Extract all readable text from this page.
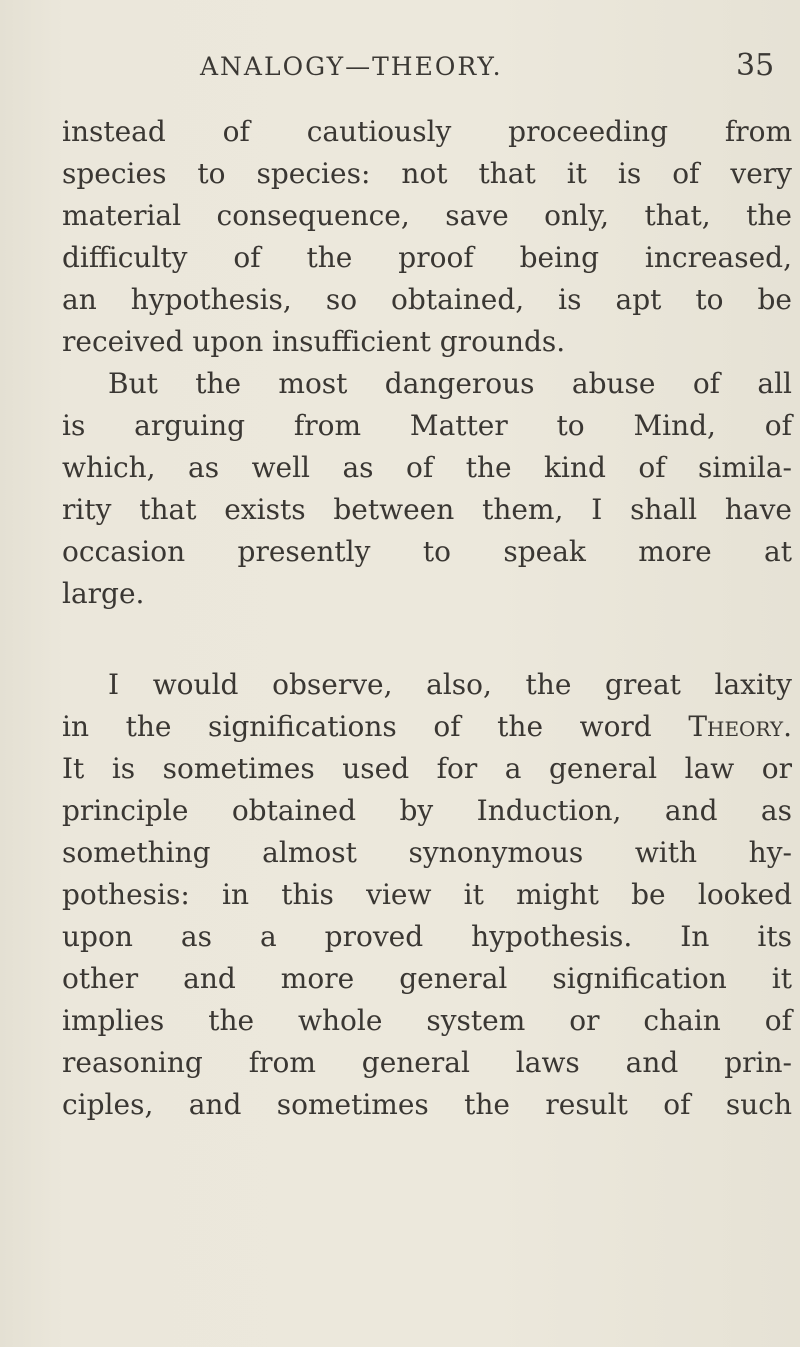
ANALOGY—THEORY.	35
instead of cautiously proceeding from
species to species: not that it is of very
material consequence, save only, that, the
difficulty of the proof being increased,
an hypothesis, so obtained, is apt to be
received upon insufficient grounds.
But the most dangerous abuse of all
is arguing from Matter to Mind, of
which, as well as of the kind of simila-
rity that exists between them, I shall have
occasion presently to speak more at
large.
I would observe, also, the great laxity
in the significations of the word Theory.
It is sometimes used for a general law or
principle obtained by Induction, and as
something almost synonymous with hy-
pothesis: in this view it might be looked
upon as a proved hypothesis. In its
other and more general signification it
implies the whole system or chain of
reasoning from general laws and prin-
ciples, and sometimes the result of such
